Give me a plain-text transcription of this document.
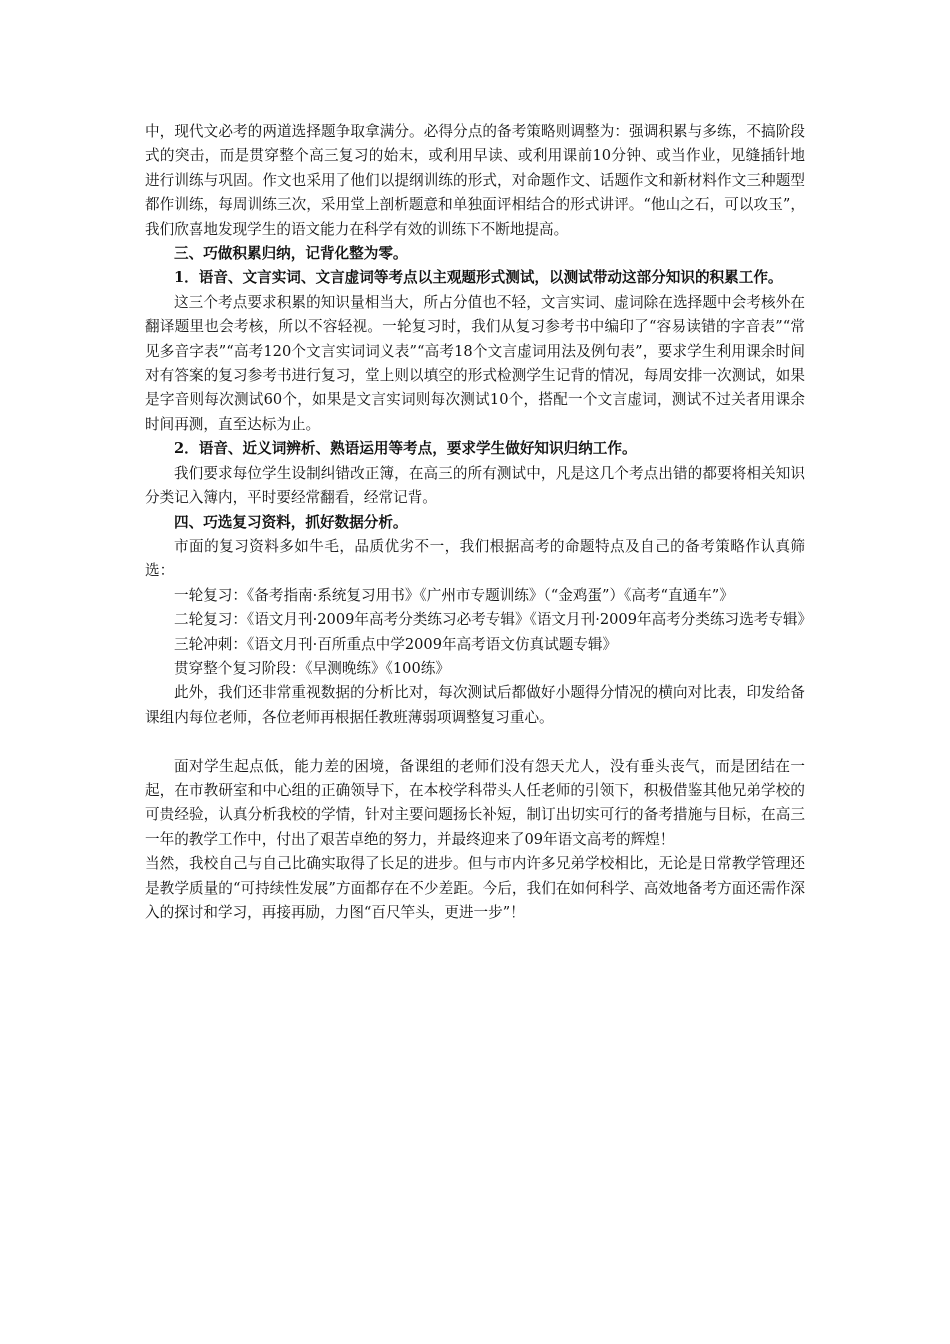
中，现代文必考的两道选择题争取拿满分。必得分点的备考策略则调整为：强调积累与多练，不搞阶段式的突击，而是贯穿整个高三复习的始末，或利用早读、或利用课前10分钟、或当作业，见缝插针地进行训练与巩固。作文也采用了他们以提纲训练的形式，对命题作文、话题作文和新材料作文三种题型都作训练，每周训练三次，采用堂上剖析题意和单独面评相结合的形式讲评。“他山之石，可以攻玉”，我们欣喜地发现学生的语文能力在科学有效的训练下不断地提高。

三、巧做积累归纳，记背化整为零。

1．语音、文言实词、文言虚词等考点以主观题形式测试，以测试带动这部分知识的积累工作。

这三个考点要求积累的知识量相当大，所占分值也不轻，文言实词、虚词除在选择题中会考核外在翻译题里也会考核，所以不容轻视。一轮复习时，我们从复习参考书中编印了“容易读错的字音表”“常见多音字表”“高考120个文言实词词义表”“高考18个文言虚词用法及例句表”，要求学生利用课余时间对有答案的复习参考书进行复习，堂上则以填空的形式检测学生记背的情况，每周安排一次测试，如果是字音则每次测试60个，如果是文言实词则每次测试10个，搭配一个文言虚词，测试不过关者用课余时间再测，直至达标为止。

2．语音、近义词辨析、熟语运用等考点，要求学生做好知识归纳工作。

我们要求每位学生设制纠错改正簿，在高三的所有测试中，凡是这几个考点出错的都要将相关知识分类记入簿内，平时要经常翻看，经常记背。

四、巧选复习资料，抓好数据分析。

市面的复习资料多如牛毛，品质优劣不一，我们根据高考的命题特点及自己的备考策略作认真筛选：

一轮复习：《备考指南·系统复习用书》《广州市专题训练》（“金鸡蛋”）《高考“直通车”》

二轮复习：《语文月刊·2009年高考分类练习必考专辑》《语文月刊·2009年高考分类练习选考专辑》

三轮冲刺：《语文月刊·百所重点中学2009年高考语文仿真试题专辑》

贯穿整个复习阶段：《早测晚练》《100练》

此外，我们还非常重视数据的分析比对，每次测试后都做好小题得分情况的横向对比表，印发给备课组内每位老师，各位老师再根据任教班薄弱项调整复习重心。

面对学生起点低，能力差的困境，备课组的老师们没有怨天尤人，没有垂头丧气，而是团结在一起，在市教研室和中心组的正确领导下，在本校学科带头人任老师的引领下，积极借鉴其他兄弟学校的可贵经验，认真分析我校的学情，针对主要问题扬长补短，制订出切实可行的备考措施与目标，在高三一年的教学工作中，付出了艰苦卓绝的努力，并最终迎来了09年语文高考的辉煌！

当然，我校自己与自己比确实取得了长足的进步。但与市内许多兄弟学校相比，无论是日常教学管理还是教学质量的“可持续性发展”方面都存在不少差距。今后，我们在如何科学、高效地备考方面还需作深入的探讨和学习，再接再励，力图“百尺竿头，更进一步”！
